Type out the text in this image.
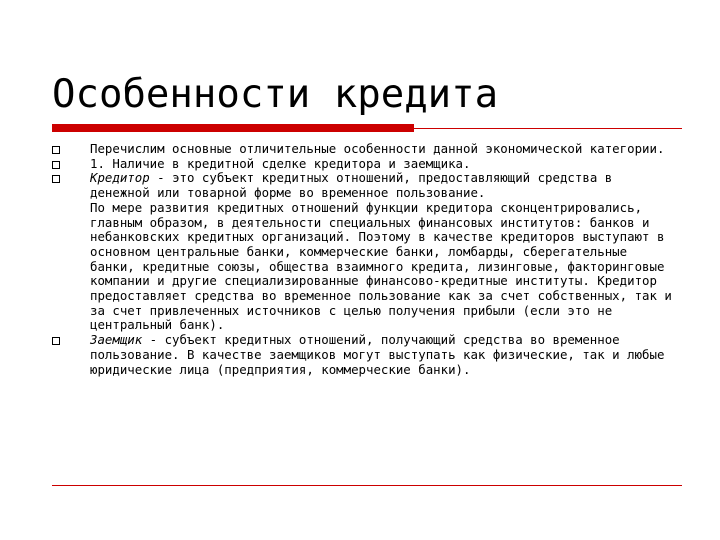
Особенности кредита
Перечислим основные отличительные особенности данной экономической категории.
1. Наличие в кредитной сделке кредитора и заемщика.
Кредитор - это субъект кредитных отношений, предоставляющий средства в денежной или товарной форме во временное пользование.
По мере развития кредитных отношений функции кредитора сконцентрировались, главным образом, в деятельности специальных финансовых институтов: банков и небанковских кредитных организаций. Поэтому в качестве кредиторов выступают в основном центральные банки, коммерческие банки, ломбарды, сберегательные банки, кредитные союзы, общества взаимного кредита, лизинговые, факторинговые компании и другие специализированные финансово-кредитные институты. Кредитор предоставляет средства во временное пользование как за счет собственных, так и за счет привлеченных источников с целью получения прибыли (если это не центральный банк).
Заемщик - субъект кредитных отношений, получающий средства во временное пользование. В качестве заемщиков могут выступать как физические, так и любые юридические лица (предприятия, коммерческие банки).
